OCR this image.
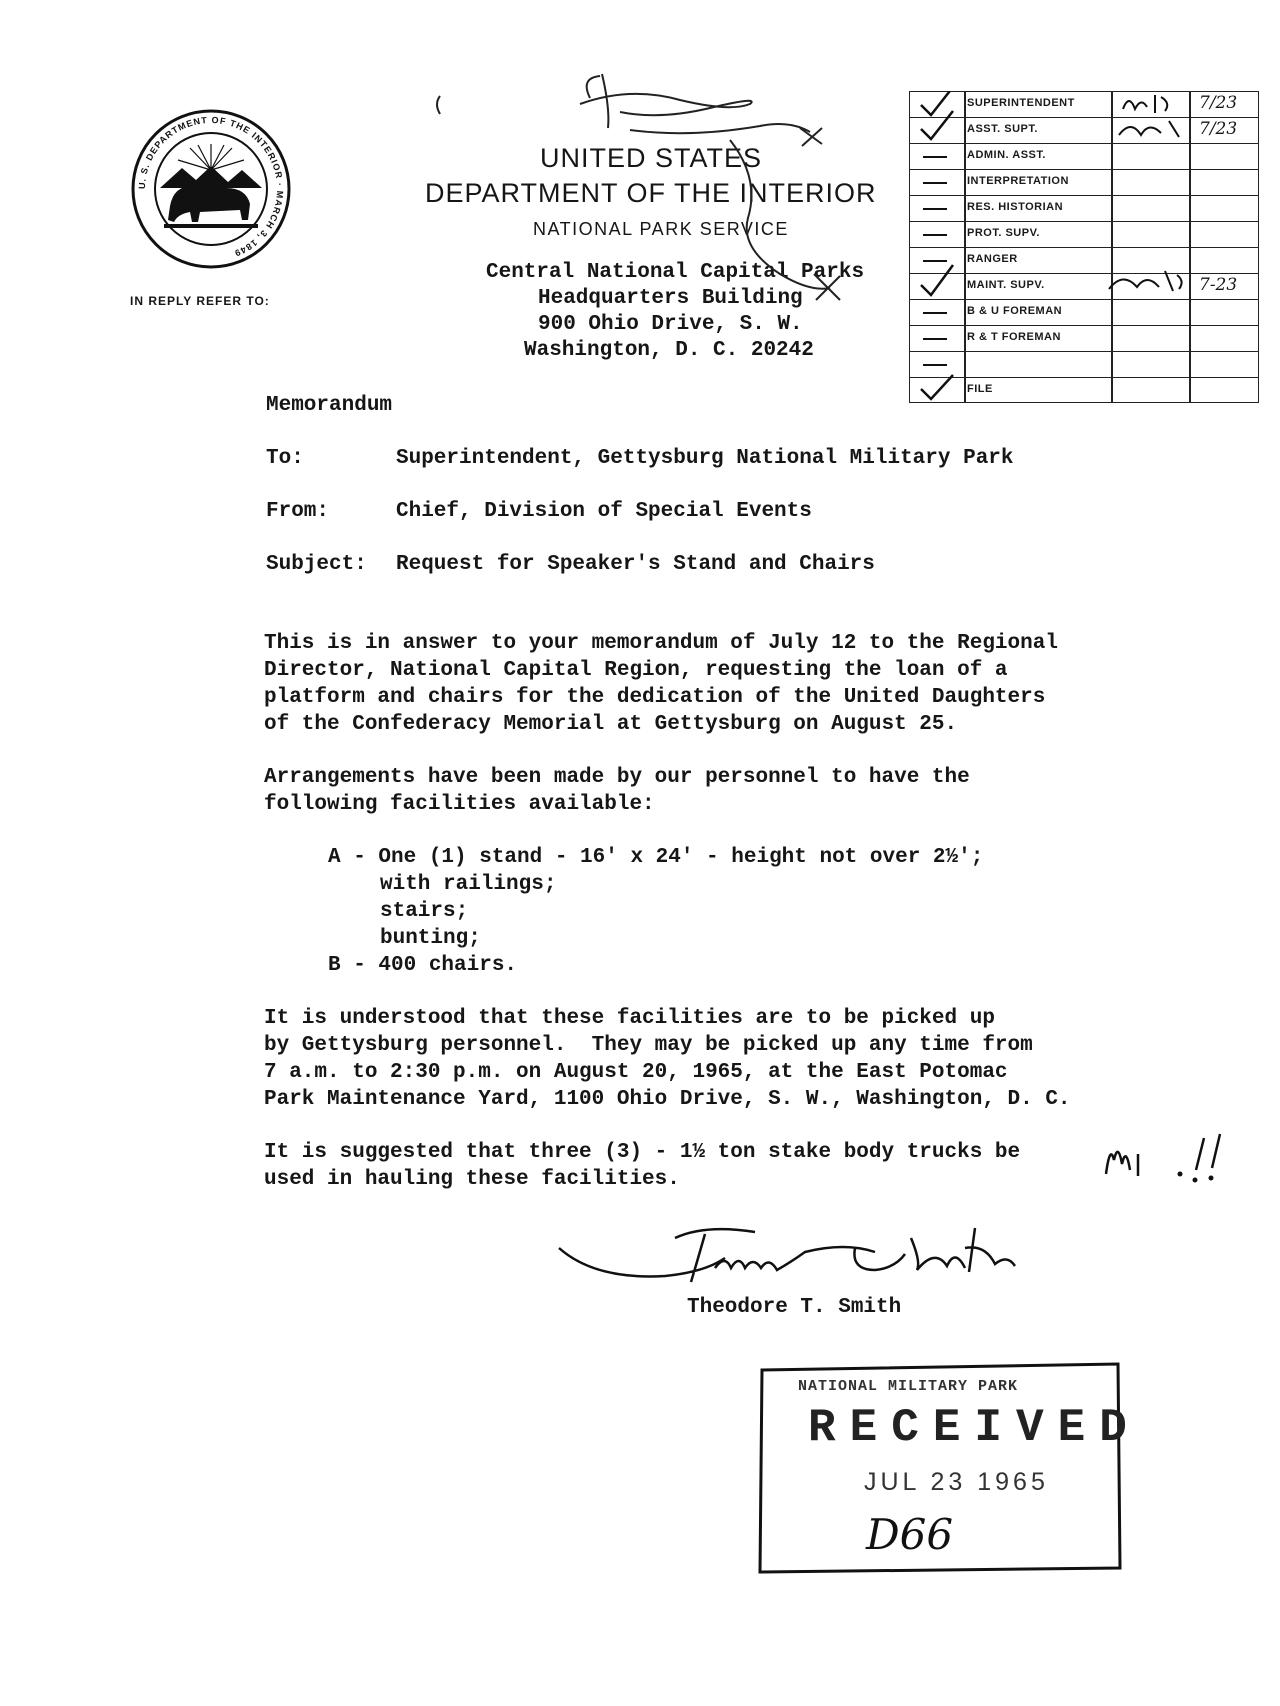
U. S. DEPARTMENT OF THE INTERIOR · MARCH 3, 1849
IN REPLY REFER TO:
UNITED STATES
DEPARTMENT OF THE INTERIOR
NATIONAL PARK SERVICE
Central National Capital Parks
Headquarters Building
900 Ohio Drive, S. W.
Washington, D. C. 20242
SUPERINTENDENT
ASST. SUPT.
ADMIN. ASST.
INTERPRETATION
RES. HISTORIAN
PROT. SUPV.
RANGER
MAINT. SUPV.
B & U FOREMAN
R & T FOREMAN
FILE
7/23
7/23
7-23
Memorandum
To:	Superintendent, Gettysburg National Military Park
From:	Chief, Division of Special Events
Subject: Request for Speaker's Stand and Chairs
This is in answer to your memorandum of July 12 to the Regional
Director, National Capital Region, requesting the loan of a
platform and chairs for the dedication of the United Daughters
of the Confederacy Memorial at Gettysburg on August 25.
Arrangements have been made by our personnel to have the
following facilities available:
A - One (1) stand - 16' x 24' - height not over 2½';
with railings;
stairs;
bunting;
B - 400 chairs.
It is understood that these facilities are to be picked up
by Gettysburg personnel.  They may be picked up any time from
7 a.m. to 2:30 p.m. on August 20, 1965, at the East Potomac
Park Maintenance Yard, 1100 Ohio Drive, S. W., Washington, D. C.
It is suggested that three (3) - 1½ ton stake body trucks be
used in hauling these facilities.
Theodore T. Smith
NATIONAL MILITARY PARK
RECEIVED
JUL 23 1965
D66
